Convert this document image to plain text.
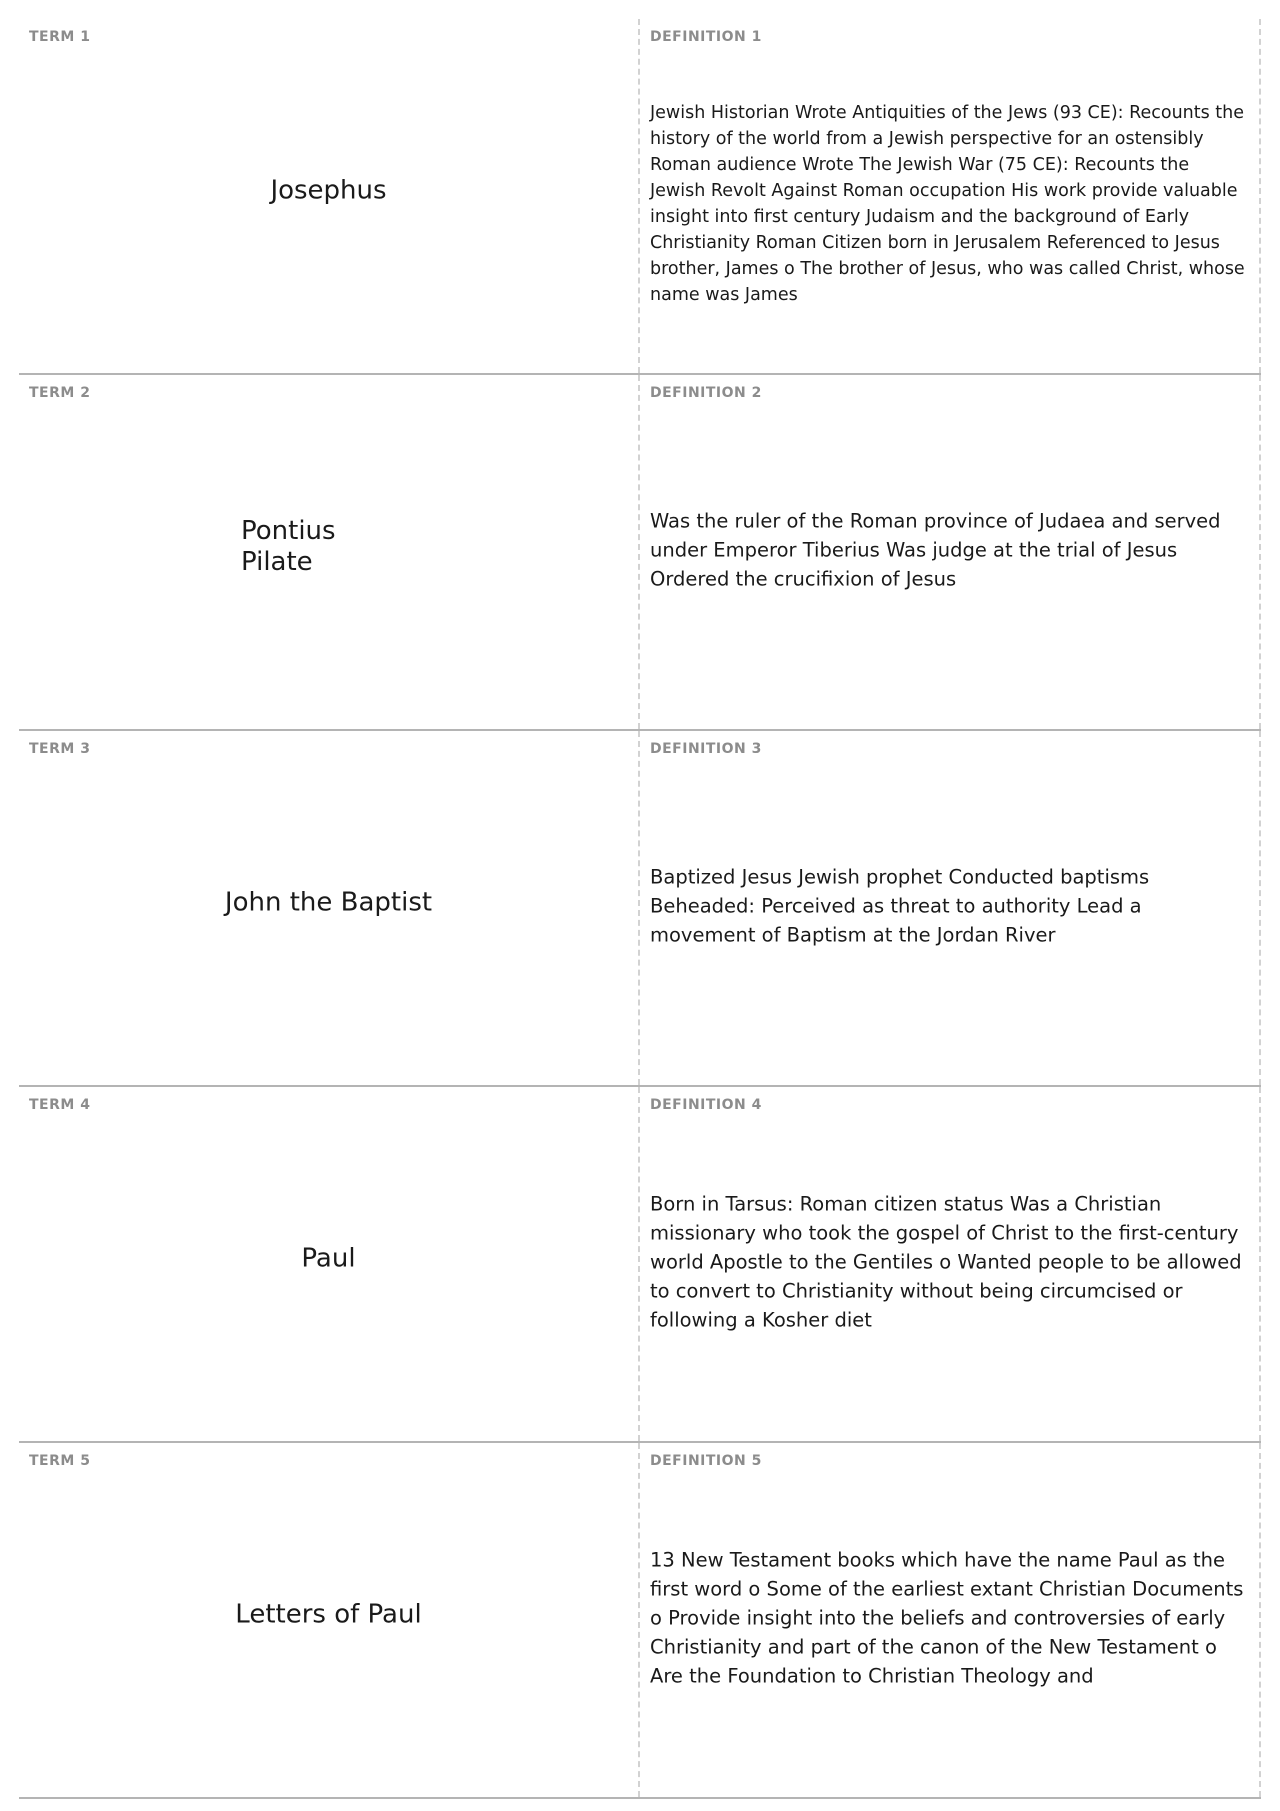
TERM 1
Josephus
DEFINITION 1
Jewish Historian Wrote Antiquities of the Jews (93 CE): Recounts the history of the world from a Jewish perspective for an ostensibly Roman audience Wrote The Jewish War (75 CE): Recounts the Jewish Revolt Against Roman occupation His work provide valuable insight into first century Judaism and the background of Early Christianity Roman Citizen born in Jerusalem Referenced to Jesus brother, James o The brother of Jesus, who was called Christ, whose name was James
TERM 2
Pontius Pilate
DEFINITION 2
Was the ruler of the Roman province of Judaea and served under Emperor Tiberius Was judge at the trial of Jesus Ordered the crucifixion of Jesus
TERM 3
John the Baptist
DEFINITION 3
Baptized Jesus Jewish prophet Conducted baptisms Beheaded: Perceived as threat to authority Lead a movement of Baptism at the Jordan River
TERM 4
Paul
DEFINITION 4
Born in Tarsus: Roman citizen status Was a Christian missionary who took the gospel of Christ to the first-century world Apostle to the Gentiles o Wanted people to be allowed to convert to Christianity without being circumcised or following a Kosher diet
TERM 5
Letters of Paul
DEFINITION 5
13 New Testament books which have the name Paul as the first word o Some of the earliest extant Christian Documents o Provide insight into the beliefs and controversies of early Christianity and part of the canon of the New Testament o Are the Foundation to Christian Theology and
